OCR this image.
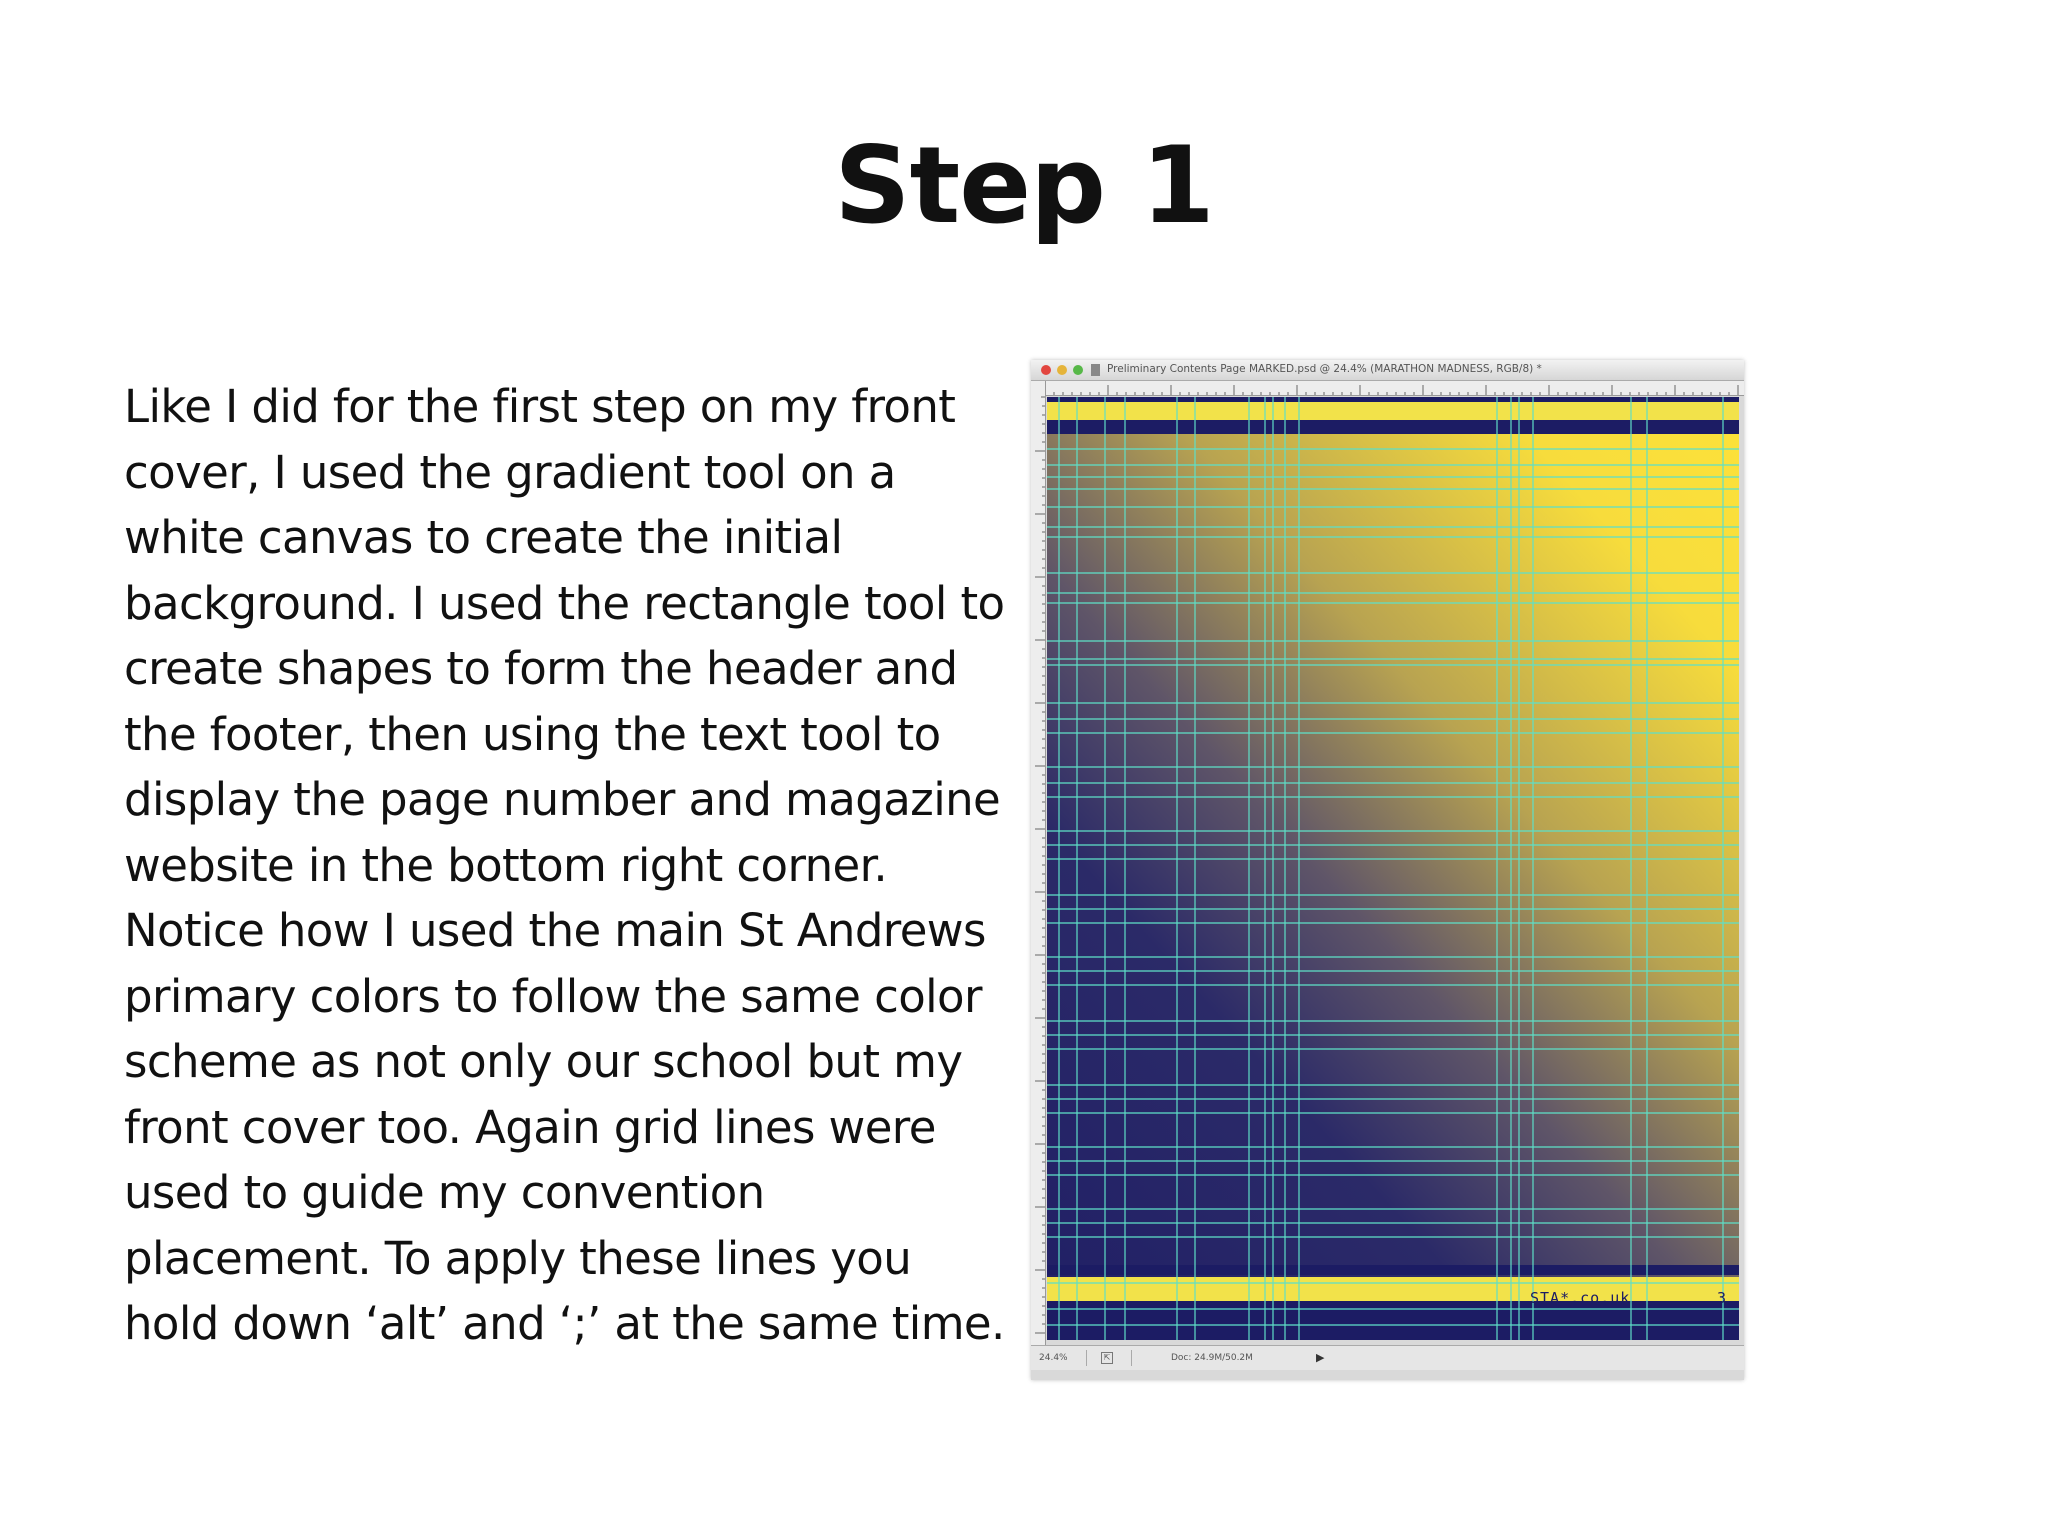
Step 1
Like I did for the first step on my front
cover, I used the gradient tool on a
white canvas to create the initial
background. I used the rectangle tool to
create shapes to form the header and
the footer, then using the text tool to
display the page number and magazine
website in the bottom right corner.
Notice how I used the main St Andrews
primary colors to follow the same color
scheme as not only our school but my
front cover too. Again grid lines were
used to guide my convention
placement. To apply these lines you
hold down ‘alt’ and ‘;’ at the same time.
Preliminary Contents Page MARKED.psd @ 24.4% (MARATHON MADNESS, RGB/8) *
STA*.co.uk	3
24.4%	⇱	Doc: 24.9M/50.2M	▶
